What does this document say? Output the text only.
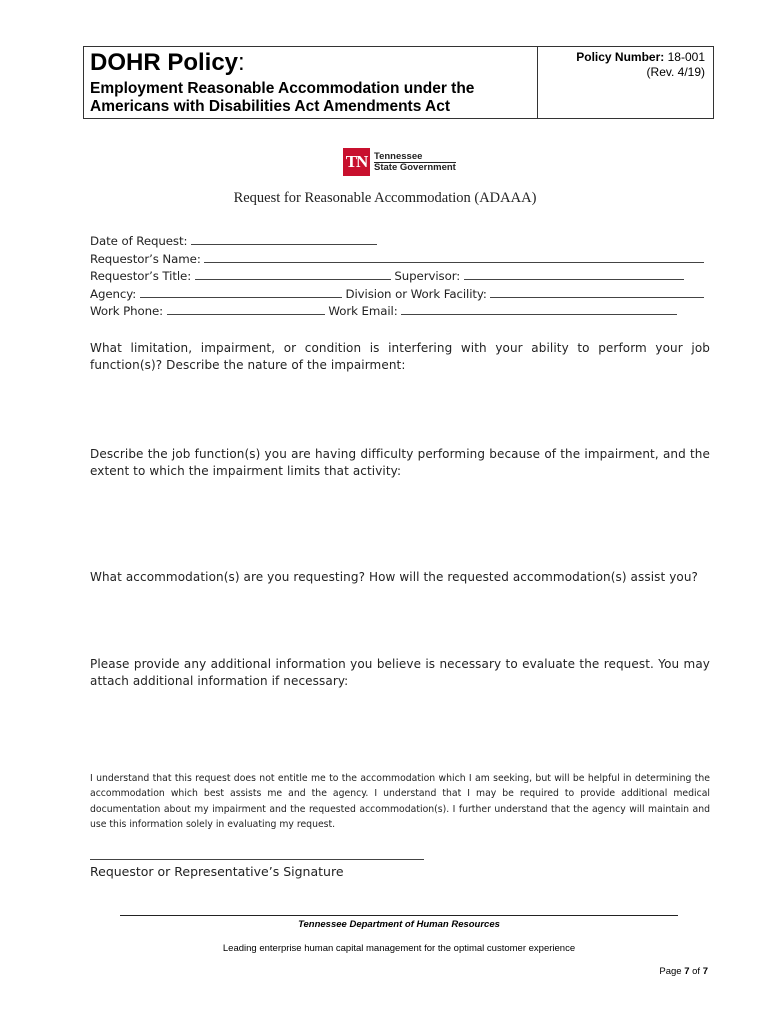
DOHR Policy:
Employment Reasonable Accommodation under the
Americans with Disabilities Act Amendments Act
Policy Number: 18-001
(Rev. 4/19)
TN Tennessee
State Government
Request for Reasonable Accommodation (ADAAA)
Date of Request:
Requestor’s Name:
Requestor’s Title:	Supervisor:
Agency:	Division or Work Facility:
Work Phone:	Work Email:
What limitation, impairment, or condition is interfering with your ability to perform your job function(s)? Describe the nature of the impairment:
Describe the job function(s) you are having difficulty performing because of the impairment, and the extent to which the impairment limits that activity:
What accommodation(s) are you requesting? How will the requested accommodation(s) assist you?
Please provide any additional information you believe is necessary to evaluate the request. You may attach additional information if necessary:
I understand that this request does not entitle me to the accommodation which I am seeking, but will be helpful in determining the accommodation which best assists me and the agency. I understand that I may be required to provide additional medical documentation about my impairment and the requested accommodation(s). I further understand that the agency will maintain and use this information solely in evaluating my request.
Requestor or Representative’s Signature
Tennessee Department of Human Resources
Leading enterprise human capital management for the optimal customer experience
Page 7 of 7
